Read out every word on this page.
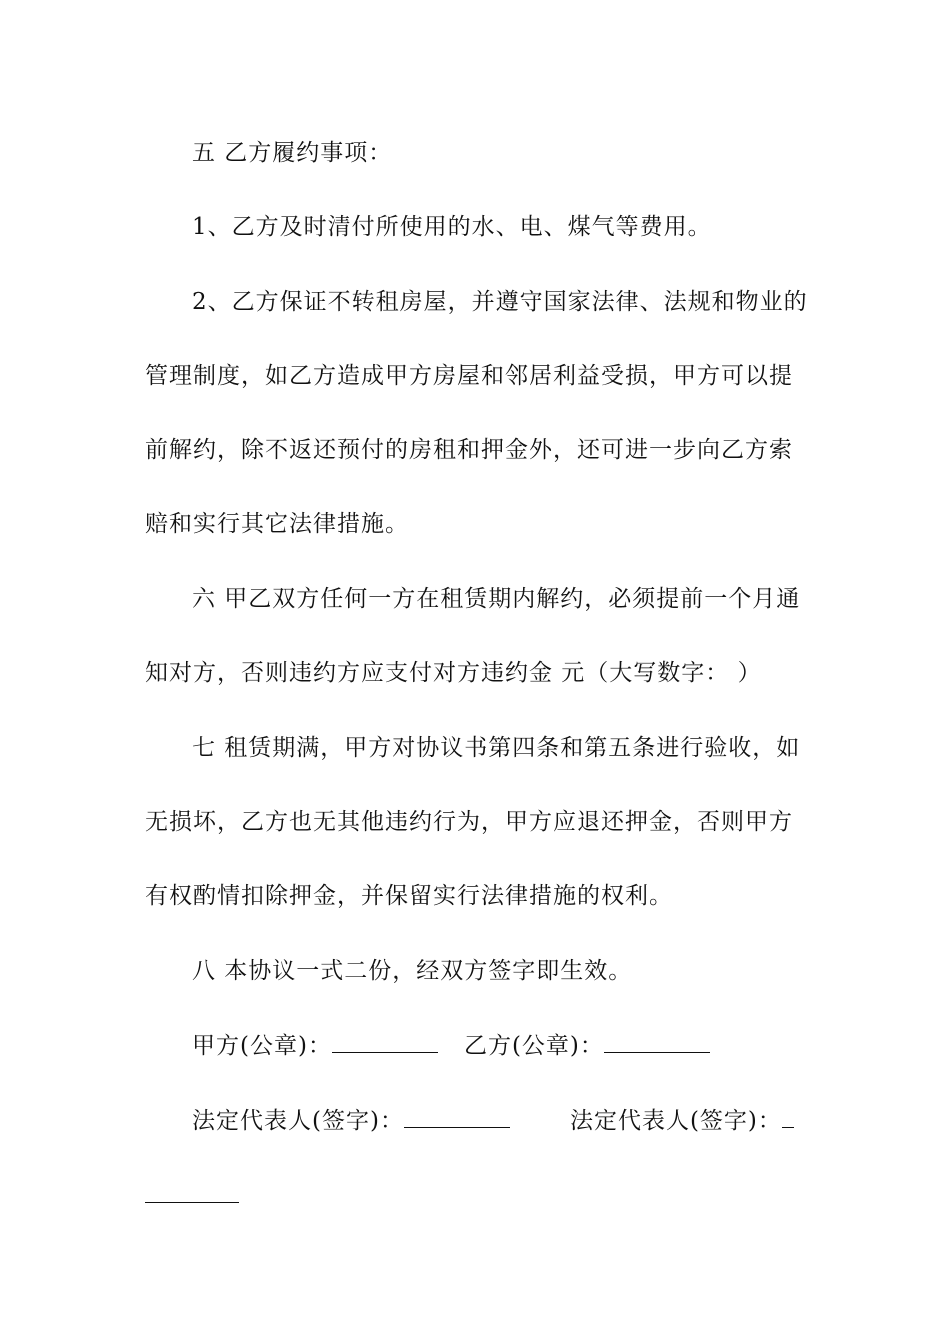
五 乙方履约事项：
1、乙方及时清付所使用的水、电、煤气等费用。
2、乙方保证不转租房屋，并遵守国家法律、法规和物业的
管理制度，如乙方造成甲方房屋和邻居利益受损，甲方可以提
前解约，除不返还预付的房租和押金外，还可进一步向乙方索
赔和实行其它法律措施。
六 甲乙双方任何一方在租赁期内解约，必须提前一个月通
知对方，否则违约方应支付对方违约金 元（大写数字： ）
七 租赁期满，甲方对协议书第四条和第五条进行验收，如
无损坏，乙方也无其他违约行为，甲方应退还押金，否则甲方
有权酌情扣除押金，并保留实行法律措施的权利。
八 本协议一式二份，经双方签字即生效。
甲方(公章)：	乙方(公章)：
法定代表人(签字)：	法定代表人(签字)：
